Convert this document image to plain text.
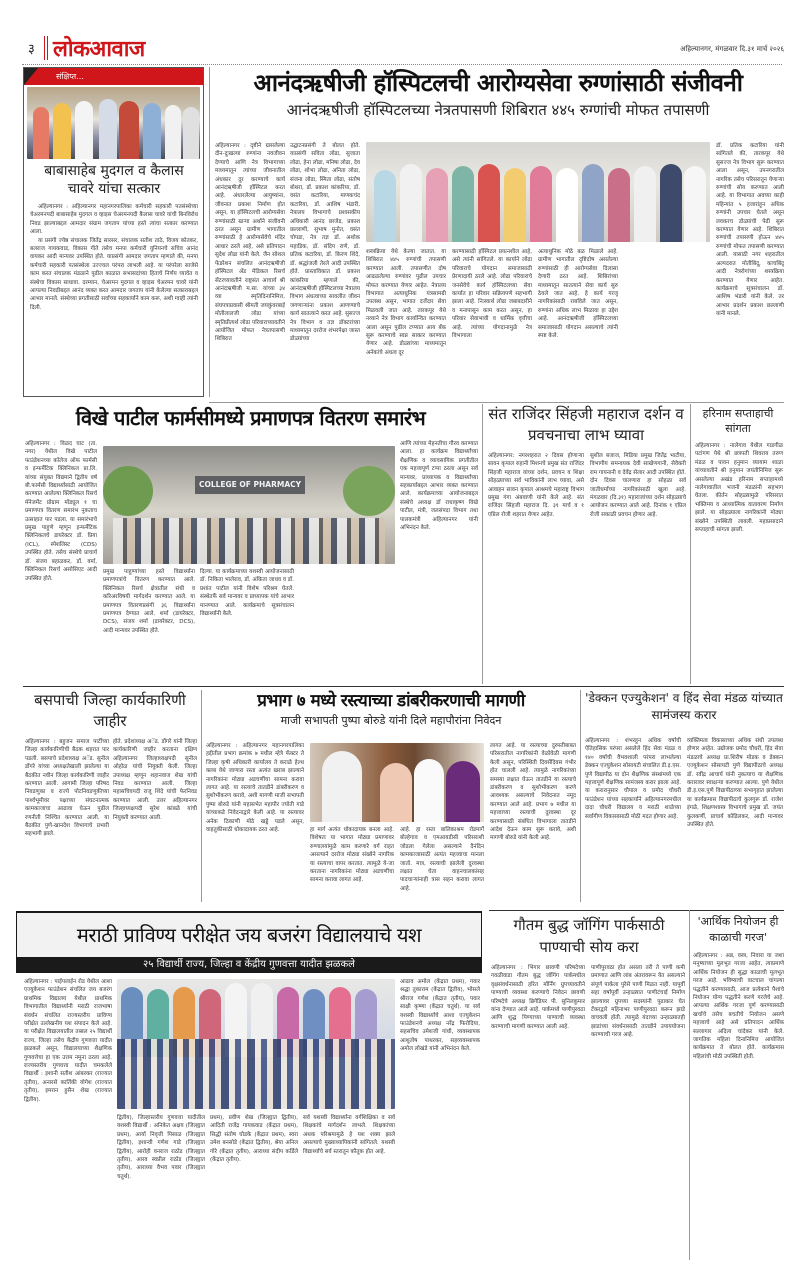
३ लोकआवाज	अहिल्यानगर, मंगळवार दि.३१ मार्च २०२६
संक्षिप्त...
बाबासाहेब मुदगल व कैलास चावरे यांचा सत्कार

अहिल्यानगर : अहिल्यानगर महानगरपालिका कर्मचारी सहकारी पतसंस्थेच्या चेअरमनपदी बाबासाहेब मुदगल व व्हाइस चेअरमनपदी कैलास चावरे यांची बिनविरोध निवड झाल्याबद्दल आमदार संग्राम जगताप यांच्या हस्ते त्यांचा सत्कार करण्यात आला.

या प्रसंगी ज्येष्ठ संचालक जितेंद्र सारसर, संचालक सतीश ताठे, विजय कोतकर, बलराज गायकवाड, विकास गीते तसेच मनपा कर्मचारी युनियनचे सचिव आनंद वायकर आदी मान्यवर उपस्थित होते. याप्रसंगी आमदार जगताप म्हणाले की, मनपा कर्मचारी सहकारी पतसंस्थेला उज्ज्वल परंपरा लाभली आहे. या परंपरेला साजेसे काम करत संचालक मंडळाने पुढील काळात सभासदांच्या हिताचे निर्णय घ्यावेत व संस्थेचा विकास साधावा. दरम्यान, चेअरमन मुदगल व व्हाइस चेअरमन चावरे यांनी आपल्या निवडीबद्दल आनंद व्यक्त करत आमदार जगताप यांनी केलेल्या सत्काराबद्दल आभार मानले. संस्थेच्या प्रगतीसाठी सर्वांच्या सहकार्याने काम करू, अशी ग्वाही त्यांनी दिली.

आनंदऋषीजी हॉस्पिटलची आरोग्यसेवा रुग्णांसाठी संजीवनी
आनंदऋषीजी हॉस्पिटलच्या नेत्रतपासणी शिबिरात ४४५ रुग्णांची मोफत तपासणी
अहिल्यानगर : दृष्टीने ग्रासलेल्या दीन-दुःखल्या रुग्णांना नवजीवन देण्याचे आणि नेत्र विभागाच्या माध्यमातून त्यांच्या जीवनातील अंधकार दूर करण्याचे कार्य आनंदऋषीजी हॉस्पिटल करत आहे. अंधारलेल्या आयुष्यांना, जीवनात प्रकाश निर्माण होत असून, या हॉस्पिटलची आरोग्यसेवा रुग्णांसाठी खऱ्या अर्थाने संजीवनी ठरत असून ग्रामीण भागातील रुग्णांसाठी हे आरोग्यसेवेचे मंदिर आधार ठरले आहे, असे प्रतिपादन सुदेश लोढा यांनी केले. जैन सोशल फेडरेशन संचलित आनंदऋषीजी हॉस्पिटल अँड मेडिकल रिसर्च सेंटरच्यावतीने राष्ट्रसंत आचार्य श्री आनंदऋषीजी म.सा. यांच्या ३४ व्या स्मृतिदिनानिमित्त, संघपत्राप्रवासी श्रीमती जयकुंवरबाई मोतीलालजी लोढा यांच्या स्मृतिप्रीत्यर्थ लोढा परिवाराच्यावतीने आयोजित मोफत नेत्रतपासणी शिबिरात
उद्घाटनप्रसंगी ते बोलत होते. याप्रसंगी सविता लोढा, सुजाता लोढा, हेना लोढा, मनिषा लोढा, देव लोढा, शोभा लोढा, अनिता लोढा, संजना लोढा, स्मिता लोढा, संतोष बोथरा, डॉ. प्रकाश कांकरिया, डॉ. वसंत कटारिया, माणकचंद कटारिया, डॉ. आशिष भंडारी, नेत्रालय विभागाचे प्रशासकीय अधिकारी आनंद छाजेड, प्रकाश छल्लाणी, सुभाष मुनोत, वसंत चोपडा, नेत्र तज्ञ डॉ. अशोक महाडिक, डॉ. संदिप राणे, डॉ. प्रतिक कटारिया, डॉ. किरण शिंदे, डॉ. श्रद्धांजली तेरले आदी उपस्थित होते. प्रास्ताविकात डॉ. प्रकाश कांकरिया म्हणाले की, आनंदऋषीजी हॉस्पिटलच्या नेत्रालय विभाग अंधत्वाच्या सावलीत जीवन जगणाऱ्यांना प्रकाश आणण्याचे कार्य सातत्याने करत आहे. सुसज्ज नेत्र विभाग व तज्ञ डॉक्टरांच्या माध्यमातून दररोज शंभरपेक्षा जास्त डोळ्यांच्या
शस्त्रक्रिया येथे केल्या जातात. या शिबिरात ४४५ रुग्णांची तपासणी करण्यात आली. तपासणीत दोष आढळलेल्या रुग्णांवर पुढील उपचार मोफत करण्यात येणार आहेत. नेत्रालय विभागात अत्याधुनिक यंत्रसामग्री उपलब्ध असून, भागात दर्जेदार सेवा मिळवली जात आहे. तारकपूर येथे नव्याने नेत्र विभाग कार्यान्वित करण्यात आला असून पुढील टप्प्यात आय बँक सुरू करण्याचे स्वप्न साकार करण्यात येणार आहे. डोळ्यांच्या माध्यमातून अनेकांचे अंधत्व दूर
करण्यासाठी हॉस्पिटल प्रयत्नशील आहे, असे त्यांनी सांगितले. या कार्याने लोढा परिवाराचे योगदान समाजासाठी प्रेरणादायी ठरले आहे. लोढा परिवाराचे जनसेवेचे कार्य हॉस्पिटलच्या सेवा कार्यात हा परिवार सक्रियपणे सहभागी झाला आहे. निःस्वार्थ लोढा जबाबदारीने व मनापासून काम करत असून, हा परिवार सेवाभावी व धार्मिक वृत्तीचा आहे. त्यांच्या योगदानामुळे नेत्र विभागाला
अत्याधुनिक मोठे बळ मिळाले आहे. ग्रामीण भागातील दृष्टिदोष असलेल्या रुग्णांसाठी ही आरोग्यसेवा दिलासा देणारी ठरत आहे. शिबिरांच्या माध्यमातून सातत्याने सेवा कार्य सुरु ठेवले जात आहे. हे कार्य गरजू नागरिकांसाठी राबविले जात असून, रुग्णांना अधिक लाभ मिळावा हा उद्देश आहे. आनंदऋषीजी हॉस्पिटलच्या समाजासाठी योगदान असल्याचे त्यांनी स्पष्ट केले.
डॉ. प्रतिक कटारिया यांनी सांगितले की, तारकपूर येथे सुसज्ज नेत्र विभाग सुरू करण्यात आला असून, उपनगरातील नागरिक तसेच परिसरातून येणाऱ्या रुग्णांची सोय करण्यात आली आहे. या विभागात अवघ्या काही महिन्यांत ५ हजारांहून अधिक रुग्णांनी उपचार घेतले असून लवकरच डोळ्यांची पेढी सुरू करण्यात येणार आहे. शिबिरात रुग्णांची तपासणी होऊन ४४५ रुग्णांची मोफत तपासणी करण्यात आली. यासाठी नगर शहरातील अल्पदरात मोतीबिंदू, काचबिंदू आदी नेत्ररोगांच्या शस्त्रक्रिया करण्यात येणार आहेत. कार्यक्रमाचे सूत्रसंचालन डॉ. आशिष भंडारी यांनी केले. तर आभार प्रदर्शन प्रकाश छल्लाणी यांनी मानले.
विखे पाटील फार्मसीमध्ये प्रमाणपत्र वितरण समारंभ
अहिल्यानगर : विळद घाट (ता. नगर) येथील विखे पाटील फाउंडेशनच्या कॉलेज ऑफ फार्मसी व इन्फर्मेटिक क्लिनिकल प्रा.लि. यांच्या संयुक्त विद्यमाने द्वितीय वर्ष बी.फार्मसी विद्यार्थ्यांसाठी आयोजित करण्यात आलेल्या क्लिनिकल रिसर्च मॅनेजमेंट प्रोग्राम मॉड्यूल १ चा प्रमाणपत्र वितरण समारंभ नुकताच उत्साहात पार पडला. या समारंभाचे प्रमुख पाहुणे म्हणून इन्फर्मेटिक क्लिनिकलचे डायरेक्टर डॉ. प्रिया (ICL), स्पेशलिस्ट (CDS) उपस्थित होते. तसेच संस्थेचे प्राचार्य डॉ. संजय बहाळकर, डॉ. वर्मा, क्लिनिकल रिसर्च असोसिएट आदी उपस्थित होते.
COLLEGE OF PHARMACY
प्रमुख पाहुण्यांच्या हस्ते विद्यार्थ्यांना प्रमाणपत्रांचे वितरण करण्यात आले. क्लिनिकल रिसर्च क्षेत्रातील संधी व करिअरविषयी मार्गदर्शन करण्यात आले. या प्रमाणपत्र वितरणप्रसंगी ३६ विद्यार्थ्यांना प्रमाणपत्र देण्यात आले. शर्मा (डायरेक्टर, DCS), संजय शर्मा (डायरेक्टर, DCS), आदी मान्यवर उपस्थित होते.
दिल्या. या कार्यक्रमाच्या यशस्वी आयोजनासाठी डॉ. निकिता भालेराव, डॉ. अंकिता जाधव व डॉ. प्रशांत पाटील यांनी विशेष परिश्रम घेतले. संस्थेतर्फे सर्व मान्यवर व प्राध्यापक यांचे आभार मानण्यात आले. कार्यक्रमाचे सूत्रसंचालन विद्यार्थ्यांनी केले.
आणि त्यांच्या मेहनतीचा गौरव करण्यात आला. हा कार्यक्रम विद्यार्थ्यांच्या शैक्षणिक व व्यावसायिक प्रगतीतील एक महत्त्वपूर्ण टप्पा ठरला असून सर्व मान्यवर, प्राध्यापक व विद्यार्थ्यांच्या सहकार्याबद्दल आभार व्यक्त करण्यात आले. कार्यक्रमाच्या आयोजनाबद्दल संस्थेचे अध्यक्ष डॉ राधाकृष्ण विखे पाटील, मंत्री, जलसंपदा विभाग तथा पालकमंत्री अहिल्यानगर यांनी अभिनंदन केले.
संत राजिंदर सिंहजी महाराज दर्शन व प्रवचनाचा लाभ घ्यावा
अहिल्यानगर: नगरशहरात २ दिवस होणाऱ्या सावन कृपाल रुहानी मिशनचे प्रमुख संत राजिंदर सिंहजी महाराज यांच्या दर्शन, प्रवचन व शिक्षा सोहळ्याच्या सर्व भाविकांनी लाभ घ्यावा, असे आवाहन सावन कृपाल आश्रमचे महाराष्ट्र विभाग प्रमुख गंगा अंबवाणी यांनी केले आहे. संत राजिंदर सिंहजी महाराज दि. ३१ मार्च व १ एप्रिल रोजी शहरात येणार आहेत.
सुशील बजाज, मिडिया प्रमुख जितेंद्र भाटीया, विभागीय समन्वयक देवी साखेणगानी, सेवेकरी राम गायनानी व देवेंद्र सेलार आदी उपस्थित होते. दोन दिवस चालणारा हा सोहळा सर्व जातीधर्मांच्या नागरिकांसाठी खुला आहे. मंगळवार (दि.३१) महाराजांच्या दर्शन सोहळ्याचे आयोजन करण्यात आले आहे. दिनांक १ एप्रिल रोजी सकाळी प्रवचन होणार आहे.
हरिनाम सप्ताहाची सांगता
अहिल्यानगर : नालेगाव येथील गाडगीळ पटांगण येथे श्री छत्रपती शिवराय तरुण मंडळ व पावन हनुमान व्यायाम शाळा यांच्यावतीने श्री हनुमान जयंतीनिमित्त सुरू असलेल्या अखंड हरिनाम सप्ताहामध्ये नालेगावातील भजनी मंडळांनी सहभाग घेतला. कीर्तन सोहळ्यामुळे परिसरात भक्तिमय व आध्यात्मिक वातावरण निर्माण झाले. या सोहळ्याला नागरिकांनी मोठ्या संख्येने उपस्थिती लावली. महाप्रसादाने सप्ताहाची सांगता झाली.
बसपाची जिल्हा कार्यकारिणी जाहीर
अहिल्यानगर : बहुजन समाज पार्टीच्या जिल्हा कार्यकारिणीची बैठक शहरात पार पडली. बसपाचे प्रदेशाध्यक्ष अॅड. सुनील डोंगरे यांच्या अध्यक्षतेखाली झालेल्या या बैठकीत नवीन जिल्हा कार्यकारिणी जाहीर करण्यात आली. आगामी जिल्हा परिषद निवडणुका व राज्ये पोटनिवडणुकीच्या पार्श्वभूमीवर पक्षाच्या संघटनात्मक कामकाजाचा आढावा घेऊन पुढील रणनीती निश्चित करण्यात आली. या बैठकीत पुणे-खानदेश विभागाचे प्रभारी सहभागी झाले.
होते. प्रदेशाध्यक्ष अॅड. डोंगरे यांनी जिल्हा कार्यकारिणी जाहीर करताना दक्षिण अहिल्यानगर जिल्हाध्यक्षपदी सुनील ओहोळ यांची नियुक्ती केली. जिल्हा उपाध्यक्ष म्हणून शहानवाज शेख यांची निवड करण्यात आली. जिल्हा महासचिवपदी राजू शिंदे यांची फेरनिवड करण्यात आली. उत्तर अहिल्यानगर जिल्हाध्यक्षपदी सुरेश कांबळे यांची नियुक्ती करण्यात आली.
प्रभाग ७ मध्ये रस्त्याच्या डांबरीकरणाची मागणी
माजी सभापती पुष्पा बोरुडे यांनी दिले महापौरांना निवेदन
अहिल्यानगर : अहिल्यानगर महानगरपालिका हद्दीतील प्रभाग क्रमांक ७ मधील म्हेत्रे फॅक्टर ते जिल्हा कृषी अधिकारी कार्यालय ते कराळे हेल्थ क्लब येथे जाणारा रस्ता अत्यंत खराब झाल्याने नागरिकांना मोठ्या अडचणींचा सामना करावा लागत आहे. या रस्त्याचे तातडीने डांबरीकरण व सुशोभीकरण करावे, अशी मागणी माजी सभापती पुष्पा बोरुडे यांनी महासभेत महापौर ज्योती गाडे यांच्याकडे निवेदनाद्वारे केली आहे. या रस्त्यावर अनेक ठिकाणी मोठे खड्डे पडले असून, वाहतुकीसाठी धोकादायक ठरत आहे.	हा मार्ग अत्यंत धोकादायक बनला आहे. विशेषतः या भागात मोठ्या प्रमाणावर रुग्णालयांमुळे काम करणारे वर्ग राहत असल्याने दररोज मोठ्या संख्येने नागरिक या रस्त्याचा वापर करतात. त्यामुळे ये-जा करताना नागरिकांना मोठ्या अडचणींचा सामना करावा लागत आहे.
आहे. हा रस्ता बालिकाश्रम रोडमार्गे बोल्हेगाव व एमआयडीसी परिसराशी जोडला गेलेला असल्याने दैनंदिन कामकाजासाठी अत्यंत महत्त्वाचा मानला जातो. मात्र, रस्त्याची झालेली दुरवस्था लक्षात घेता वाहनचालकांसह पादचाऱ्यांनाही त्रास सहन करावा लागत आहे.
लागत आहे. या रस्त्याच्या दुरुस्तीबाबत परिसरातील नागरिकांनी वेळोवेळी मागणी केली असून, परिस्थिती दिवसेंदिवस गंभीर होत चालली आहे. त्यामुळे नागरिकांच्या समस्या लक्षात घेऊन तातडीने या रस्त्याचे डांबरीकरण व सुशोभीकरण करणे आवश्यक असल्याचे निवेदनात नमूद करण्यात आले आहे. प्रभाग ७ मधील या महत्त्वाच्या रस्त्याची दुरवस्था दूर करण्यासाठी संबंधित विभागाला तातडीने आदेश देऊन काम सुरू करावे, अशी मागणी बोरुडे यांनी केली आहे.
'डेक्कन एज्युकेशन' व हिंद सेवा मंडळ यांच्यात सामंजस्य करार
अहिल्यानगर : शंभरहून अधिक वर्षांची ऐतिहासिक परंपरा असलेले हिंद सेवा मंडळ व १४० वर्षांची वैभवशाली परंपरा लाभलेल्या डेक्कन एज्युकेशन सोसायटी संचालित डी.इ.एस. पुणे विद्यापीठ या दोन शैक्षणिक संस्थांमध्ये एक महत्त्वपूर्ण शैक्षणिक सामंजस्य करार झाला आहे. या करारानुसार चौपाल व प्रमोद चौधरी फाउंडेशन यांच्या सहकार्याने अहिल्यानगरमधील दादा चौधरी विद्यालय व मराठी शाळेच्या सर्वांगीण विकासासाठी मोठी मदत होणार आहे.
व्यक्तिमत्व विकासाच्या अधिक संधी उपलब्ध होणार आहेत. उद्योजक प्रमोद चौधरी, हिंद सेवा मंडळाचे अध्यक्ष प्रा.शिरीष मोडक व डेक्कन एज्युकेशन सोसायटी पुणे विद्यापीठाचे अध्यक्ष डॉ. रवींद्र आचार्य यांनी नुकत्याच या शैक्षणिक करारावर स्वाक्षऱ्या करण्यात आल्या. पुणे येथील डी.इ.एस.पुणे विद्यापीठाच्या सभागृहात झालेल्या या कार्यक्रमास विद्यापीठाचे कुलगुरू डॉ. राजेश इंगळे, शिक्षणशास्त्र विभागाचे प्रमुख डॉ. जयंत कुलकर्णी, प्राचार्य कोडिलकर, आदी मान्यवर उपस्थित होते.
मराठी प्राविण्य परीक्षेत जय बजरंग विद्यालयाचे यश
२५ विद्यार्थी राज्य, जिल्हा व केंद्रीय गुणवत्ता यादीत झळकले
अहिल्यानगर : पाईपलाईन रोड येथील आशा एज्युकेशन फाउंडेशन संचलित जय बजरंग प्राथमिक विद्यालय येथील प्राथमिक विभागातील विद्यार्थ्यांनी मराठी राजभाषा संवर्धन संचलित राज्यस्तरीय प्राविण्य परीक्षेत उल्लेखनीय यश संपादन केले आहे. या परीक्षेत विद्यालयातील तब्बल २५ विद्यार्थी राज्य, जिल्हा तसेच केंद्रीय गुणवत्ता यादीत झळकले असून, विद्यालयाच्या शैक्षणिक गुणवत्तेचा हा एक उत्तम नमुना ठरला आहे. राज्यस्तरीय गुणवत्ता यादीत चमकलेले विद्यार्थी : इशानी सतीश आंबरकर (राज्यात तृतीय), अनारसे कार्तिकी योगेश (राज्यात तृतीय), इमरान हुसैन शेख (राज्यात द्वितीय).
द्वितीय), जिल्हास्तरीय गुणवत्ता यादीतील यशस्वी विद्यार्थी : अनिकेत अक्षय (जिल्ह्यात प्रथम), आर्या निवृत्ती पिसाळ (जिल्ह्यात द्वितीय), इशान्वी गणेश गाडे (जिल्ह्यात द्वितीय), आरोही वनराज राठोड (जिल्ह्यात तृतीय), आरव स्वप्नील राठोड (जिल्ह्यात तृतीय), आराध्या वैभव पवार (जिल्ह्यात चतुर्थ).
प्रथम), प्रवीण शेख (जिल्ह्यात द्वितीय), आदिती राजेंद्र गायकवाड (केंद्रात प्रथम), सिद्धी संतोष घोडके (केंद्रात प्रथम), स्वरा उमेश बनसोडे (केंद्रात द्वितीय), श्रेया अनिल गोरे (केंद्रात तृतीय), आराध्या संदीप कर्डिले (केंद्रात तृतीय).
सर्व यशस्वी विद्यार्थ्यांना वर्गशिक्षिका व सर्व शिक्षकांचे मार्गदर्शन लाभले. शिक्षकांच्या अथक परिश्रमामुळे हे यश शक्य झाले असल्याचे मुख्याध्यापिकांनी सांगितले. यशस्वी विद्यार्थ्यांचे सर्व स्तरातून कौतुक होत आहे.
आढाव अमोल (केंद्रात प्रथम), गवार श्रद्धा तुकाराम (केंद्रात द्वितीय), भोसले श्रीराज गणेश (केंद्रात तृतीय), पवार साक्षी कृष्णा (केंद्रात चतुर्थ). या सर्व यशस्वी विद्यार्थ्यांचे आशा एज्युकेशन फाउंडेशनचे अध्यक्ष नरेंद्र फिरोदिया, सहसचिव उमेशजी गांधी, व्यवस्थापक आशुतोष पाथरकर, सहव्यवस्थापक अमोल लोखंडे यांनी अभिनंदन केले.
गौतम बुद्ध जॉगिंग पार्कसाठी पाण्याची सोय करा
अहिल्यानगर : भिंगार छावणी परिषदेच्या गवळीवाडा गौतम बुद्ध जॉगिंग पार्कमधील वृक्षसंवर्धनासाठी हरित मॉर्निंग ग्रुपच्यावतीने पाण्याची व्यवस्था करण्याचे निवेदन छावणी परिषदेचे अध्यक्ष ब्रिगेडियर पी. सुनिलकुमार यांना देण्यात आले आहे. पार्कमध्ये पाणीपुरवठा आणि शुद्ध पिण्याच्या पाण्याची व्यवस्था करण्याची मागणी करण्यात आली आहे.
पाणीपुरवठा होत असला तरी ते पाणी कमी प्रमाणात आणि लांब अंतरावरून येत असल्याने संपूर्ण पार्कला पुरेसे पाणी मिळत नाही. यापूर्वी सहा वर्षांपूर्वी उन्हाळ्यात पाणीटंचाई निर्माण झाल्यावर ग्रुपच्या सदस्यांनी पुढाकार घेत टँकरद्वारे महिनाभर पाणीपुरवठा करून झाडे वाचवली होती. त्यामुळे यंदाच्या उन्हाळ्यातही झाडांच्या संवर्धनासाठी तातडीने उपाययोजना करण्याची गरज आहे.
'आर्थिक नियोजन ही काळाची गरज'
अहिल्यानगर : अन्न, वस्त्र, निवारा या जशा मनुष्याच्या मूलभूत गरजा आहेत, त्याप्रमाणे आर्थिक नियोजन ही सुद्धा काळाची मूलभूत गरज आहे. भविष्याची वाटचाल चांगल्या पद्धतीने करण्यासाठी, आज प्रत्येकाने पैशांचे नियोजन योग्य पद्धतीने करणे गरजेचे आहे. आपल्या आर्थिक गरजा पूर्ण करण्यासाठी खर्चाचे तसेच बचतीचे नियोजन असणे महत्त्वाचे आहे असे प्रतिपादन आर्थिक सल्लागार अदित्य चांदेकर यांनी केले. जागतिक महिला दिनानिमित्त आयोजित कार्यक्रमात ते बोलत होते. कार्यक्रमास महिलांची मोठी उपस्थिती होती.
